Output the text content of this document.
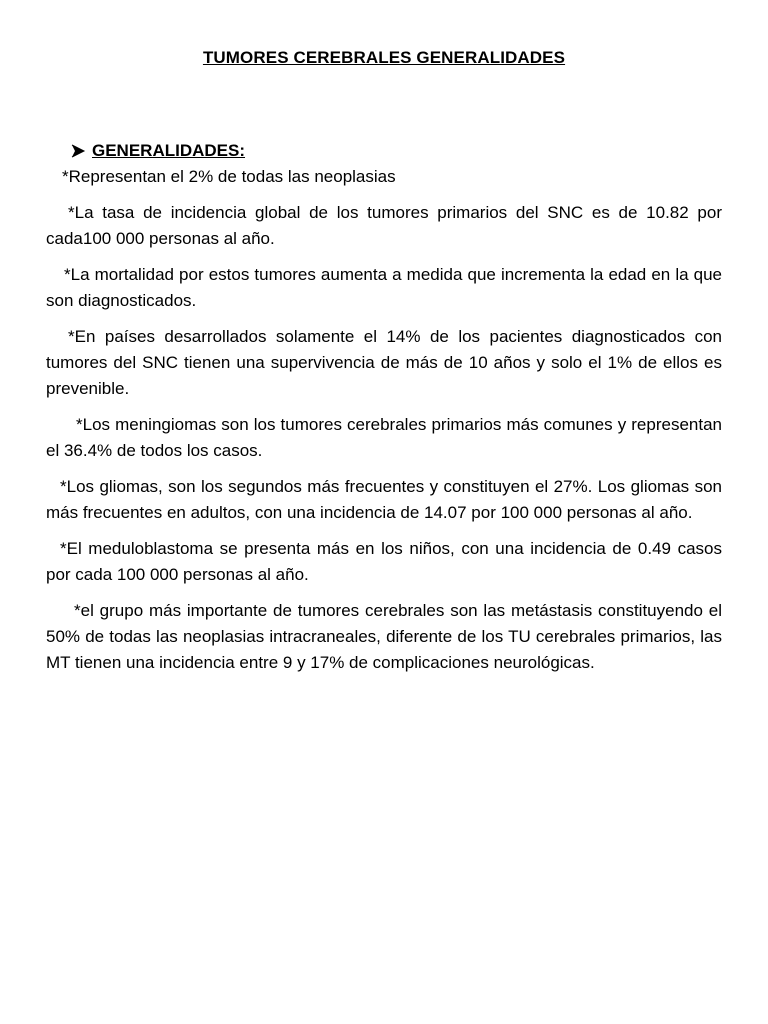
TUMORES CEREBRALES GENERALIDADES
GENERALIDADES:

*Representan el 2% de todas las neoplasias

*La tasa de incidencia global de los tumores primarios del SNC es de 10.82 por cada100 000 personas al año.

*La mortalidad por estos tumores aumenta a medida que incrementa la edad en la que son diagnosticados.

*En países desarrollados solamente el 14% de los pacientes diagnosticados con tumores del SNC tienen una supervivencia de más de 10 años y solo el 1% de ellos es prevenible.

*Los meningiomas son los tumores cerebrales primarios más comunes y representan el 36.4% de todos los casos.

*Los gliomas, son los segundos más frecuentes y constituyen el 27%. Los gliomas son más frecuentes en adultos, con una incidencia de 14.07 por 100 000 personas al año.

*El meduloblastoma se presenta más en los niños, con una incidencia de 0.49 casos por cada 100 000 personas al año.

*el grupo más importante de tumores cerebrales son las metástasis constituyendo el 50% de todas las neoplasias intracraneales, diferente de los TU cerebrales primarios, las MT tienen una incidencia entre 9 y 17% de complicaciones neurológicas.
